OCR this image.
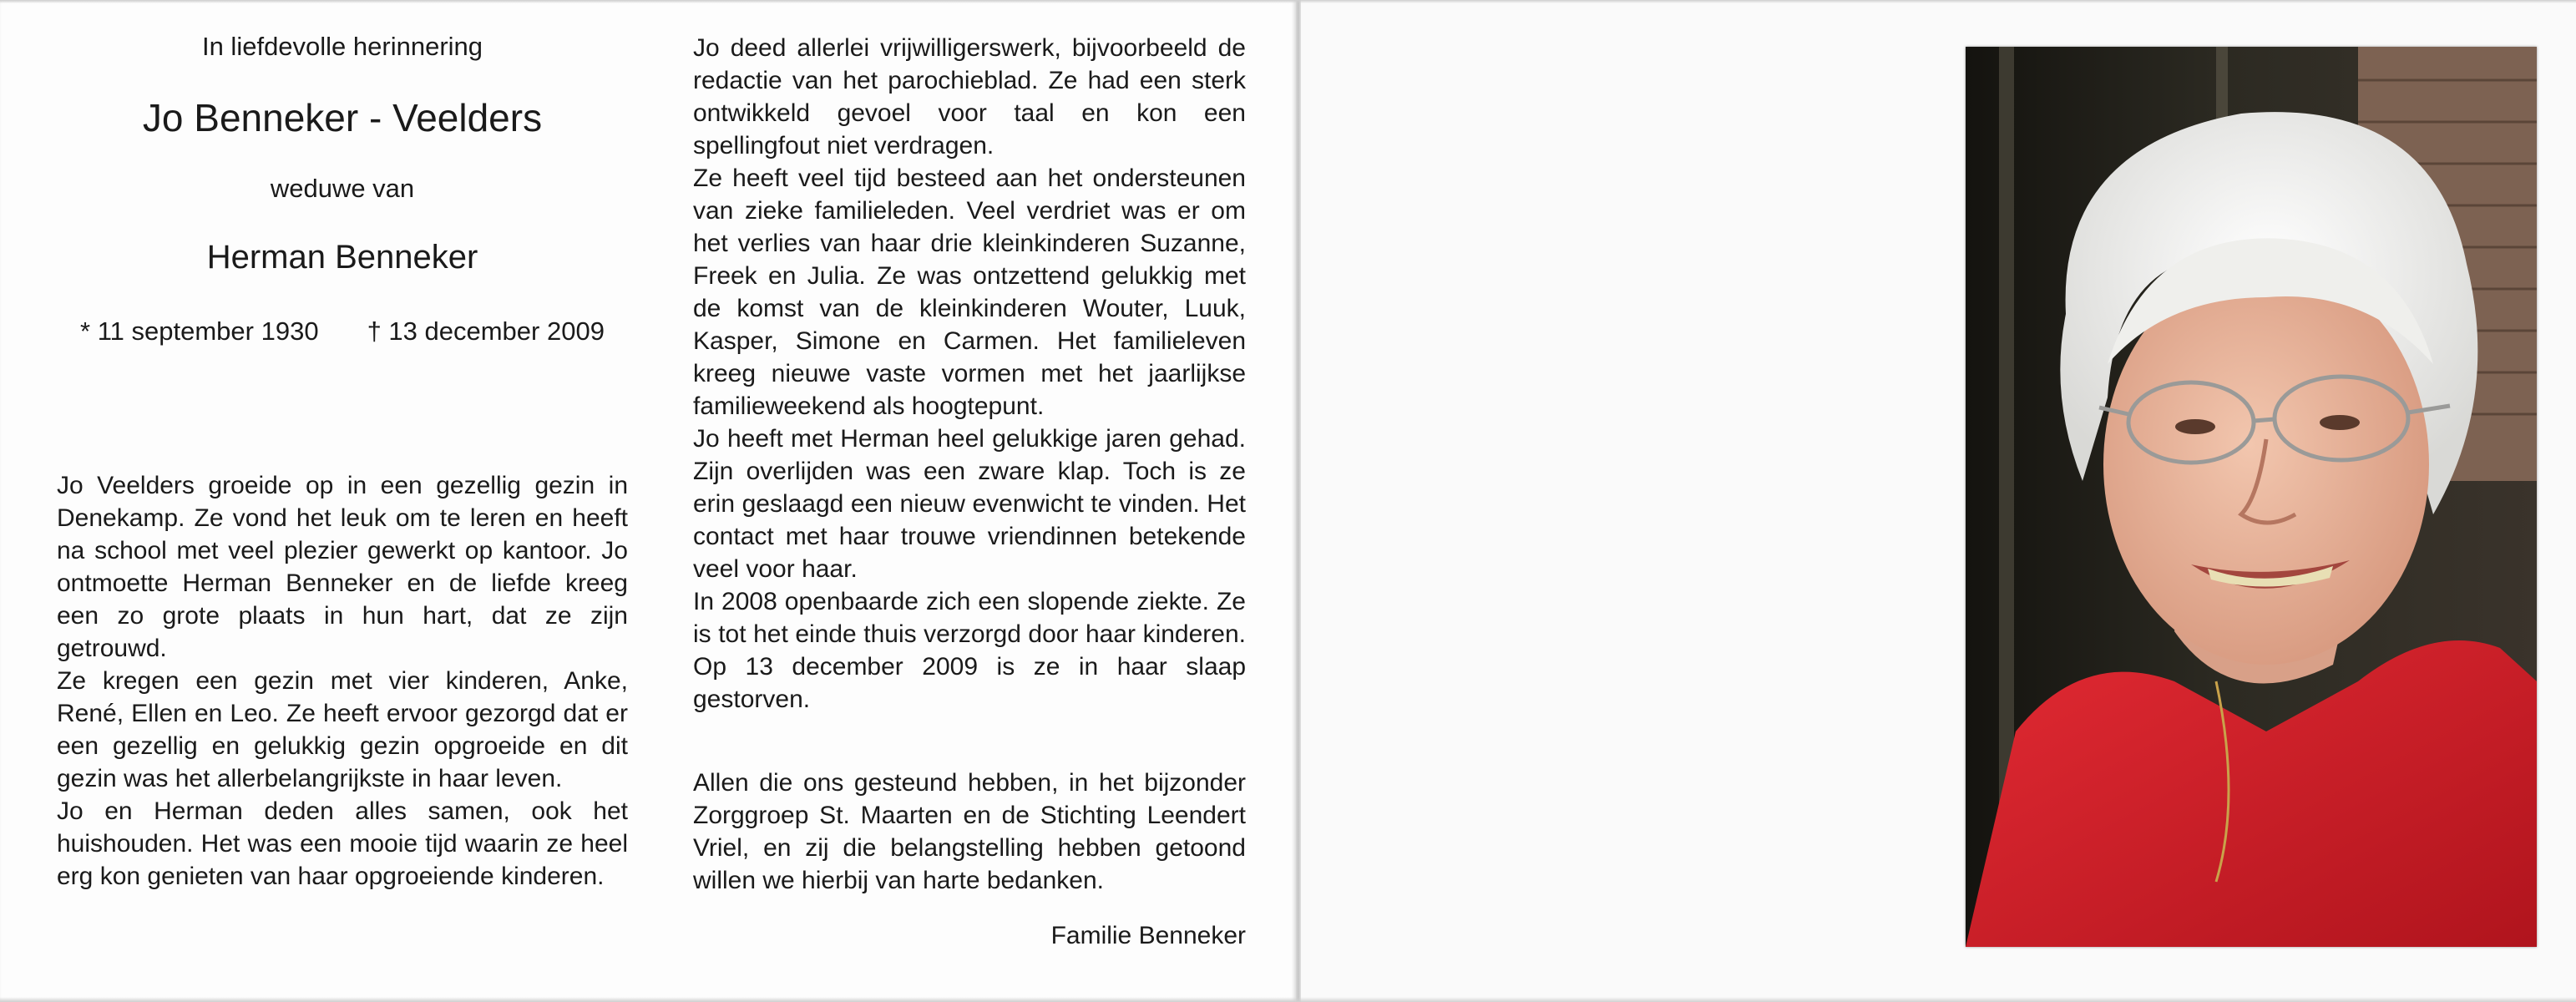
In liefdevolle herinnering

Jo Benneker - Veelders

weduwe van

Herman Benneker
* 11 september 1930 † 13 december 2009

Jo Veelders groeide op in een gezellig gezin in Denekamp. Ze vond het leuk om te leren en heeft na school met veel plezier gewerkt op kantoor. Jo ontmoette Herman Benneker en de liefde kreeg een zo grote plaats in hun hart, dat ze zijn getrouwd.

Ze kregen een gezin met vier kinderen, Anke, René, Ellen en Leo. Ze heeft ervoor gezorgd dat er een gezellig en gelukkig gezin opgroeide en dit gezin was het allerbelangrijkste in haar leven.

Jo en Herman deden alles samen, ook het huishouden. Het was een mooie tijd waarin ze heel erg kon genieten van haar opgroeiende kinderen.

Jo deed allerlei vrijwilligerswerk, bijvoorbeeld de redactie van het parochieblad. Ze had een sterk ontwikkeld gevoel voor taal en kon een spellingfout niet verdragen.

Ze heeft veel tijd besteed aan het ondersteunen van zieke familieleden. Veel verdriet was er om het verlies van haar drie kleinkinderen Suzanne, Freek en Julia. Ze was ontzettend gelukkig met de komst van de kleinkinderen Wouter, Luuk, Kasper, Simone en Carmen. Het familieleven kreeg nieuwe vaste vormen met het jaarlijkse familieweekend als hoogtepunt.

Jo heeft met Herman heel gelukkige jaren gehad. Zijn overlijden was een zware klap. Toch is ze erin geslaagd een nieuw evenwicht te vinden. Het contact met haar trouwe vriendinnen betekende veel voor haar.

In 2008 openbaarde zich een slopende ziekte. Ze is tot het einde thuis verzorgd door haar kinderen. Op 13 december 2009 is ze in haar slaap gestorven.

Allen die ons gesteund hebben, in het bijzonder Zorggroep St. Maarten en de Stichting Leendert Vriel, en zij die belangstelling hebben getoond willen we hierbij van harte bedanken.

Familie Benneker
